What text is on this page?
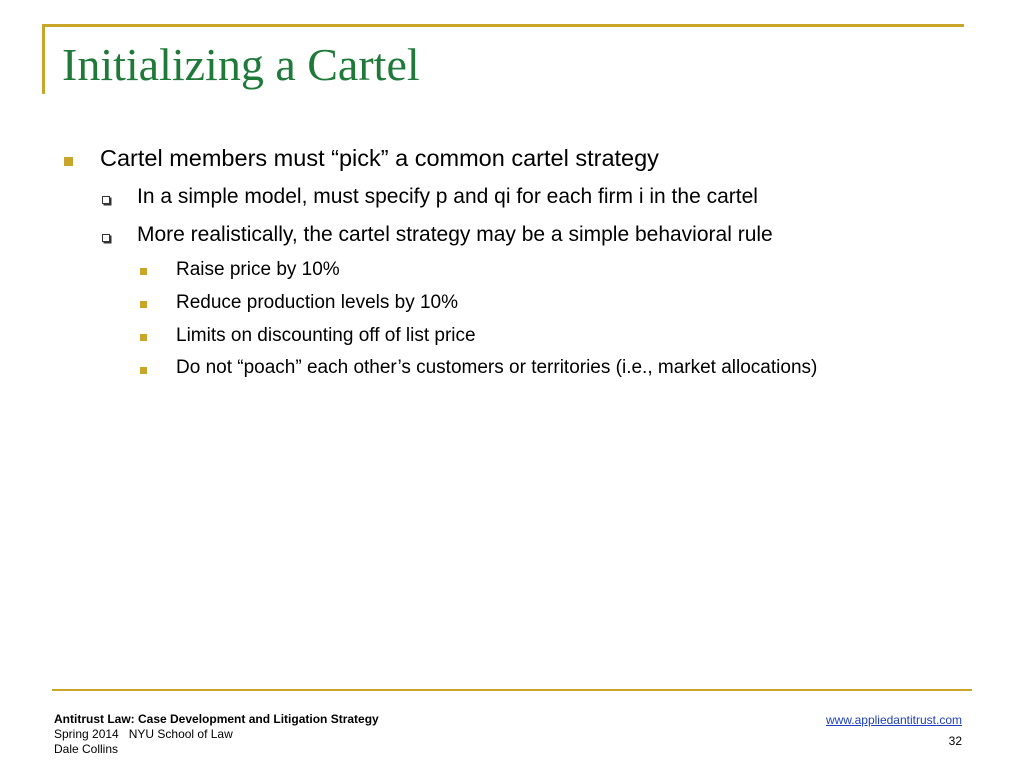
Initializing a Cartel
Cartel members must “pick” a common cartel strategy
In a simple model, must specify p and qi for each firm i in the cartel
More realistically, the cartel strategy may be a simple behavioral rule
Raise price by 10%
Reduce production levels by 10%
Limits on discounting off of list price
Do not “poach” each other’s customers or territories (i.e., market allocations)
Antitrust Law: Case Development and Litigation Strategy
Spring 2014   NYU School of Law
Dale Collins
www.appliedantitrust.com
32
